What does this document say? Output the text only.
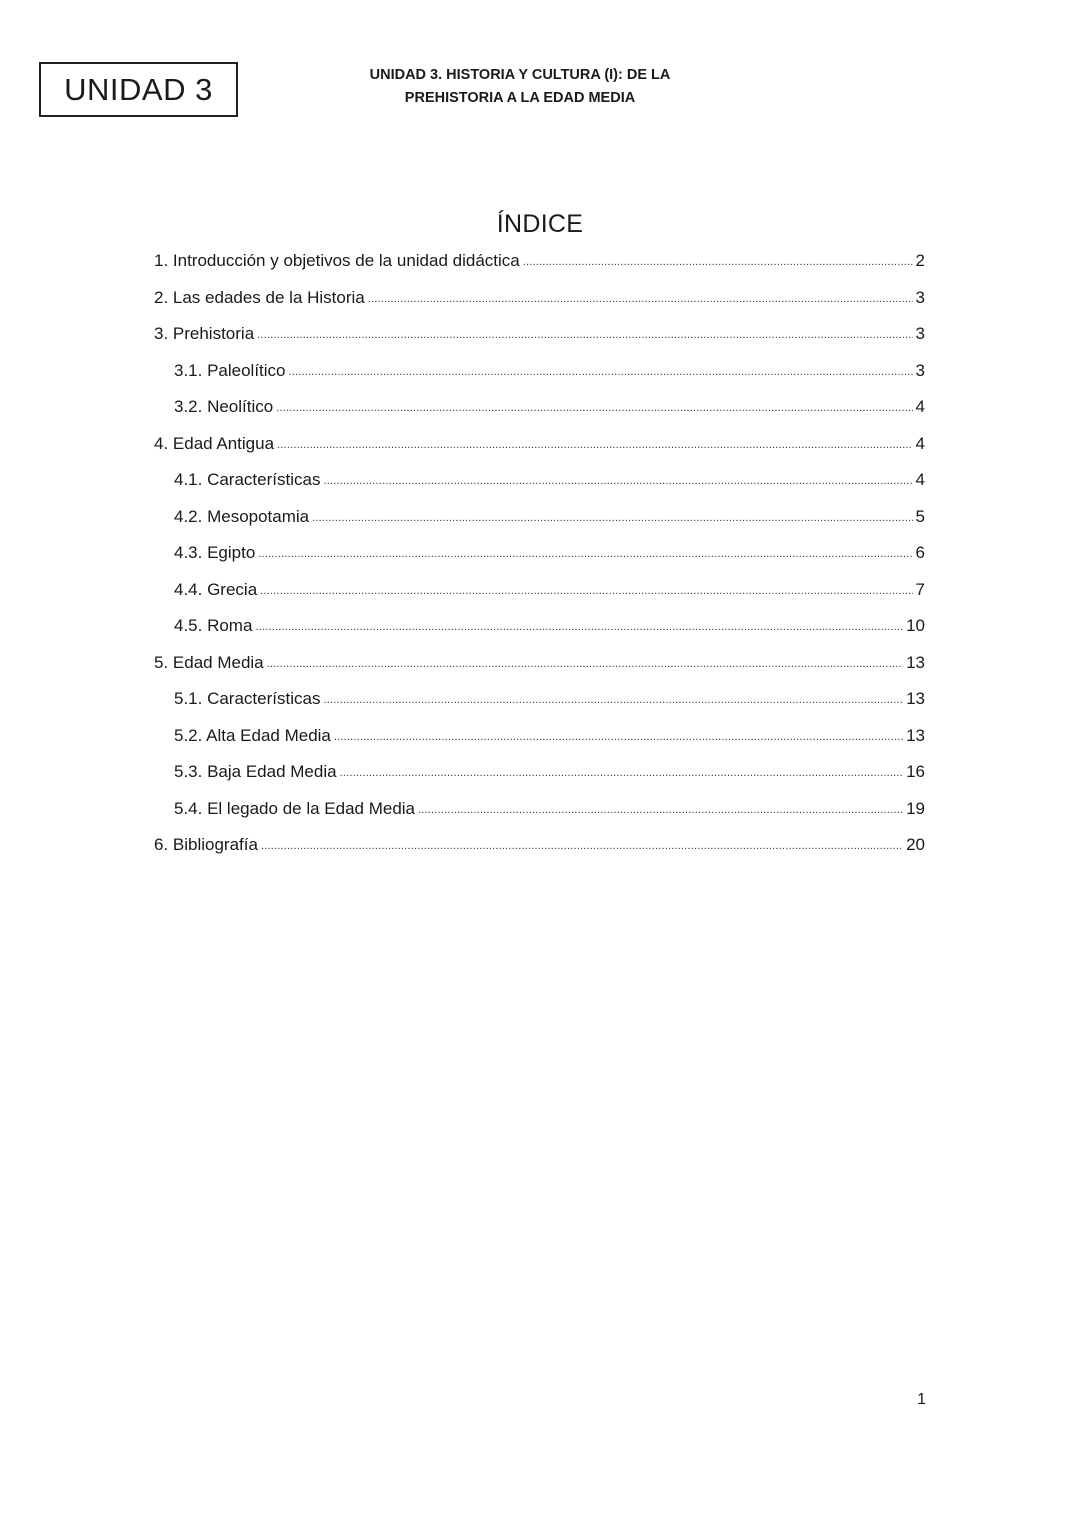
UNIDAD 3	UNIDAD 3. HISTORIA Y CULTURA (I): DE LA
PREHISTORIA A LA EDAD MEDIA
ÍNDICE
1. Introducción y objetivos de la unidad didáctica .....	2
2. Las edades de la Historia .....	3
3. Prehistoria .....	3
3.1. Paleolítico .....	3
3.2. Neolítico .....	4
4. Edad Antigua .....	4
4.1. Características .....	4
4.2. Mesopotamia .....	5
4.3. Egipto .....	6
4.4. Grecia .....	7
4.5. Roma .....	10
5. Edad Media .....	13
5.1. Características .....	13
5.2. Alta Edad Media .....	13
5.3. Baja Edad Media .....	16
5.4. El legado de la Edad Media .....	19
6. Bibliografía .....	20
1
